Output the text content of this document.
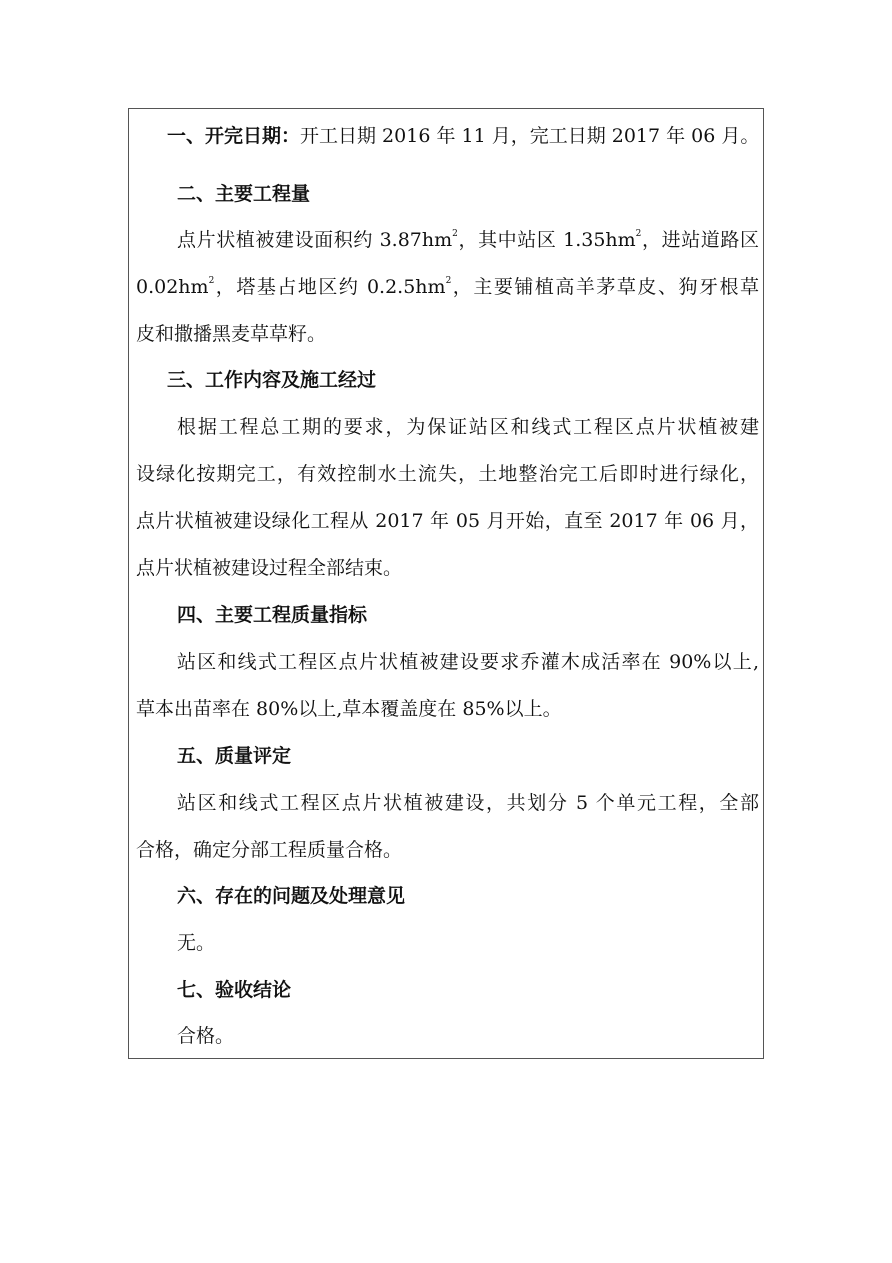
一、开完日期：开工日期 2016 年 11 月，完工日期 2017 年 06 月。
二、主要工程量
点片状植被建设面积约 $3.87hm^2$，其中站区 $1.35hm^2$，进站道路区
$0.02hm^2$，塔基占地区约 $0.2.5hm^2$，主要铺植高羊茅草皮、狗牙根草
皮和撒播黑麦草草籽。
三、工作内容及施工经过
根据工程总工期的要求，为保证站区和线式工程区点片状植被建
设绿化按期完工，有效控制水土流失，土地整治完工后即时进行绿化，
点片状植被建设绿化工程从 2017 年 05 月开始，直至 2017 年 06 月，
点片状植被建设过程全部结束。
四、主要工程质量指标
站区和线式工程区点片状植被建设要求乔灌木成活率在 90%以上,
草本出苗率在 80%以上,草本覆盖度在 85%以上。
五、质量评定
站区和线式工程区点片状植被建设，共划分 5 个单元工程，全部
合格，确定分部工程质量合格。
六、存在的问题及处理意见
无。
七、验收结论
合格。
